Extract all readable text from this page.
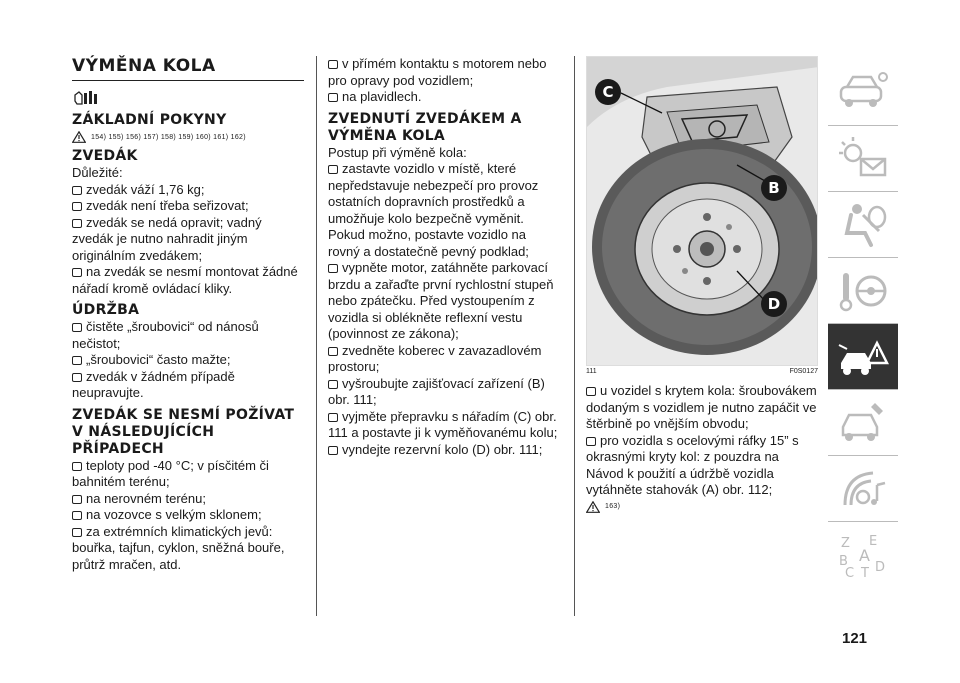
VÝMĚNA KOLA
ZÁKLADNÍ POKYNY
154) 155) 156) 157) 158) 159) 160) 161) 162)
ZVEDÁK
Důležité:
zvedák váží 1,76 kg;
zvedák není třeba seřizovat;
zvedák se nedá opravit; vadný zvedák je nutno nahradit jiným originálním zvedákem;
na zvedák se nesmí montovat žádné nářadí kromě ovládací kliky.
ÚDRŽBA
čistěte „šroubovici“ od nánosů nečistot;
„šroubovici“ často mažte;
zvedák v žádném případě neupravujte.
ZVEDÁK SE NESMÍ POŽÍVAT V NÁSLEDUJÍCÍCH PŘÍPADECH
teploty pod -40 °C; v písčitém či bahnitém terénu;
na nerovném terénu;
na vozovce s velkým sklonem;
za extrémních klimatických jevů: bouřka, tajfun, cyklon, sněžná bouře, průtrž mračen, atd.
v přímém kontaktu s motorem nebo pro opravy pod vozidlem;
na plavidlech.
ZVEDNUTÍ ZVEDÁKEM A VÝMĚNA KOLA
Postup při výměně kola:
zastavte vozidlo v místě, které nepředstavuje nebezpečí pro provoz ostatních dopravních prostředků a umožňuje kolo bezpečně vyměnit. Pokud možno, postavte vozidlo na rovný a dostatečně pevný podklad;
vypněte motor, zatáhněte parkovací brzdu a zařaďte první rychlostní stupeň nebo zpátečku. Před vystoupením z vozidla si oblékněte reflexní vestu (povinnost ze zákona);
zvedněte koberec v zavazadlovém prostoru;
vyšroubujte zajišťovací zařízení (B) obr. 111;
vyjměte přepravku s nářadím (C) obr. 111 a postavte ji k vyměňovanému kolu;
vyndejte rezervní kolo (D) obr. 111;
C
B
D
111	F0S0127
u vozidel s krytem kola: šroubovákem dodaným s vozidlem je nutno zapáčit ve štěrbině po vnějším obvodu;
pro vozidla s ocelovými ráfky 15” s okrasnými kryty kol: z pouzdra na Návod k použití a údržbě vozidla vytáhněte stahovák (A) obr. 112;
163)
Z E
B A
C T D
121
